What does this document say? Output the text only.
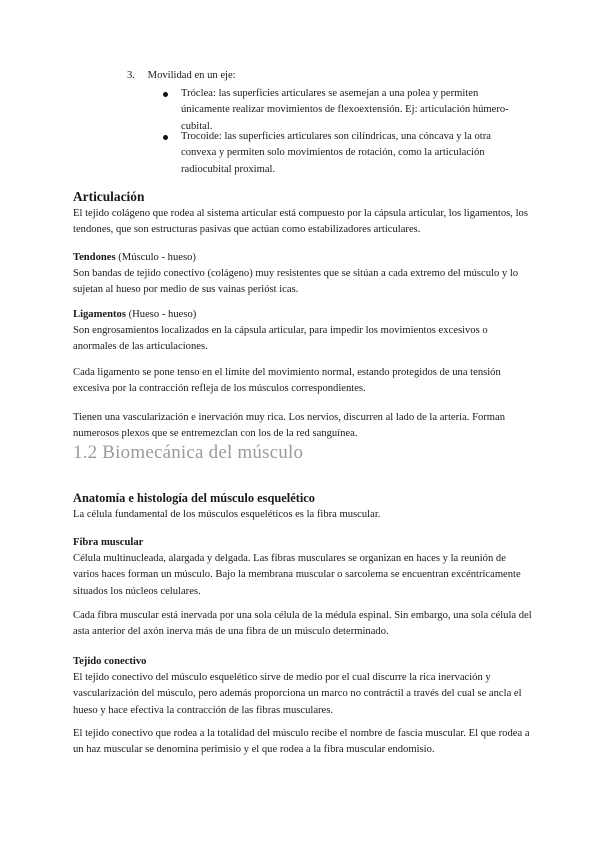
3. Movilidad en un eje:
Tróclea: las superficies articulares se asemejan a una polea y permiten únicamente realizar movimientos de flexoextensión. Ej: articulación húmero-cubital.
Trocoide: las superficies articulares son cilíndricas, una cóncava y la otra convexa y permiten solo movimientos de rotación, como la articulación radiocubital proximal.
Articulación

El tejido colágeno que rodea al sistema articular está compuesto por la cápsula articular, los ligamentos, los tendones, que son estructuras pasivas que actúan como estabilizadores articulares.

Tendones (Músculo - hueso)

Son bandas de tejido conectivo (colágeno) muy resistentes que se sitúan a cada extremo del músculo y lo sujetan al hueso por medio de sus vainas perióst icas.

Ligamentos (Hueso - hueso)

Son engrosamientos localizados en la cápsula articular, para impedir los movimientos excesivos o anormales de las articulaciones.

Cada ligamento se pone tenso en el límite del movimiento normal, estando protegidos de una tensión excesiva por la contracción refleja de los músculos correspondientes.

Tienen una vascularización e inervación muy rica. Los nervios, discurren al lado de la arteria. Forman numerosos plexos que se entremezclan con los de la red sanguínea.

1.2 Biomecánica del músculo
Anatomía e histología del músculo esquelético

La célula fundamental de los músculos esqueléticos es la fibra muscular.

Fibra muscular

Célula multinucleada, alargada y delgada. Las fibras musculares se organizan en haces y la reunión de varios haces forman un músculo. Bajo la membrana muscular o sarcolema se encuentran excéntricamente situados los núcleos celulares.

Cada fibra muscular está inervada por una sola célula de la médula espinal. Sin embargo, una sola célula del asta anterior del axón inerva más de una fibra de un músculo determinado.

Tejido conectivo

El tejido conectivo del músculo esquelético sirve de medio por el cual discurre la rica inervación y vascularización del músculo, pero además proporciona un marco no contráctil a través del cual se ancla el hueso y hace efectiva la contracción de las fibras musculares.

El tejido conectivo que rodea a la totalidad del músculo recibe el nombre de fascia muscular. El que rodea a un haz muscular se denomina perimisio y el que rodea a la fibra muscular endomisio.
